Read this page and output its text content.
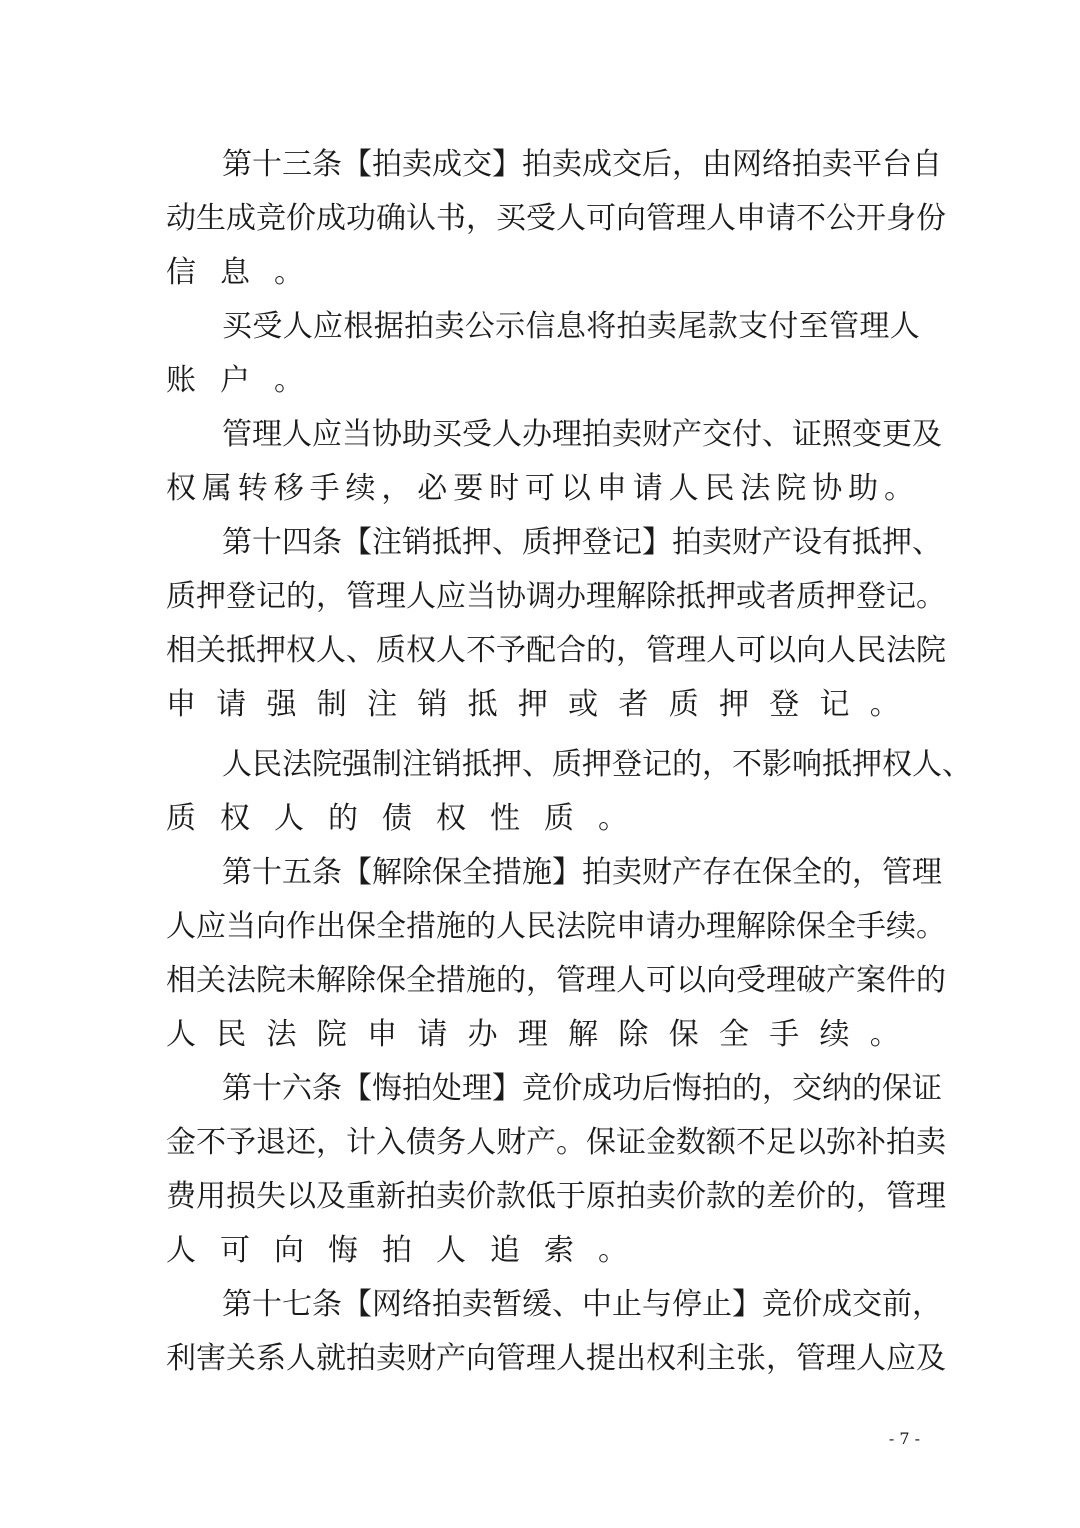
第十三条【拍卖成交】拍卖成交后，由网络拍卖平台自
动生成竞价成功确认书，买受人可向管理人申请不公开身份
信息。
买受人应根据拍卖公示信息将拍卖尾款支付至管理人
账户。
管理人应当协助买受人办理拍卖财产交付、证照变更及
权属转移手续，必要时可以申请人民法院协助。
第十四条【注销抵押、质押登记】拍卖财产设有抵押、
质押登记的，管理人应当协调办理解除抵押或者质押登记。
相关抵押权人、质权人不予配合的，管理人可以向人民法院
申请强制注销抵押或者质押登记。
人民法院强制注销抵押、质押登记的，不影响抵押权人、
质权人的债权性质。
第十五条【解除保全措施】拍卖财产存在保全的，管理
人应当向作出保全措施的人民法院申请办理解除保全手续。
相关法院未解除保全措施的，管理人可以向受理破产案件的
人民法院申请办理解除保全手续。
第十六条【悔拍处理】竞价成功后悔拍的，交纳的保证
金不予退还，计入债务人财产。保证金数额不足以弥补拍卖
费用损失以及重新拍卖价款低于原拍卖价款的差价的，管理
人可向悔拍人追索。
第十七条【网络拍卖暂缓、中止与停止】竞价成交前，
利害关系人就拍卖财产向管理人提出权利主张，管理人应及
- 7 -
